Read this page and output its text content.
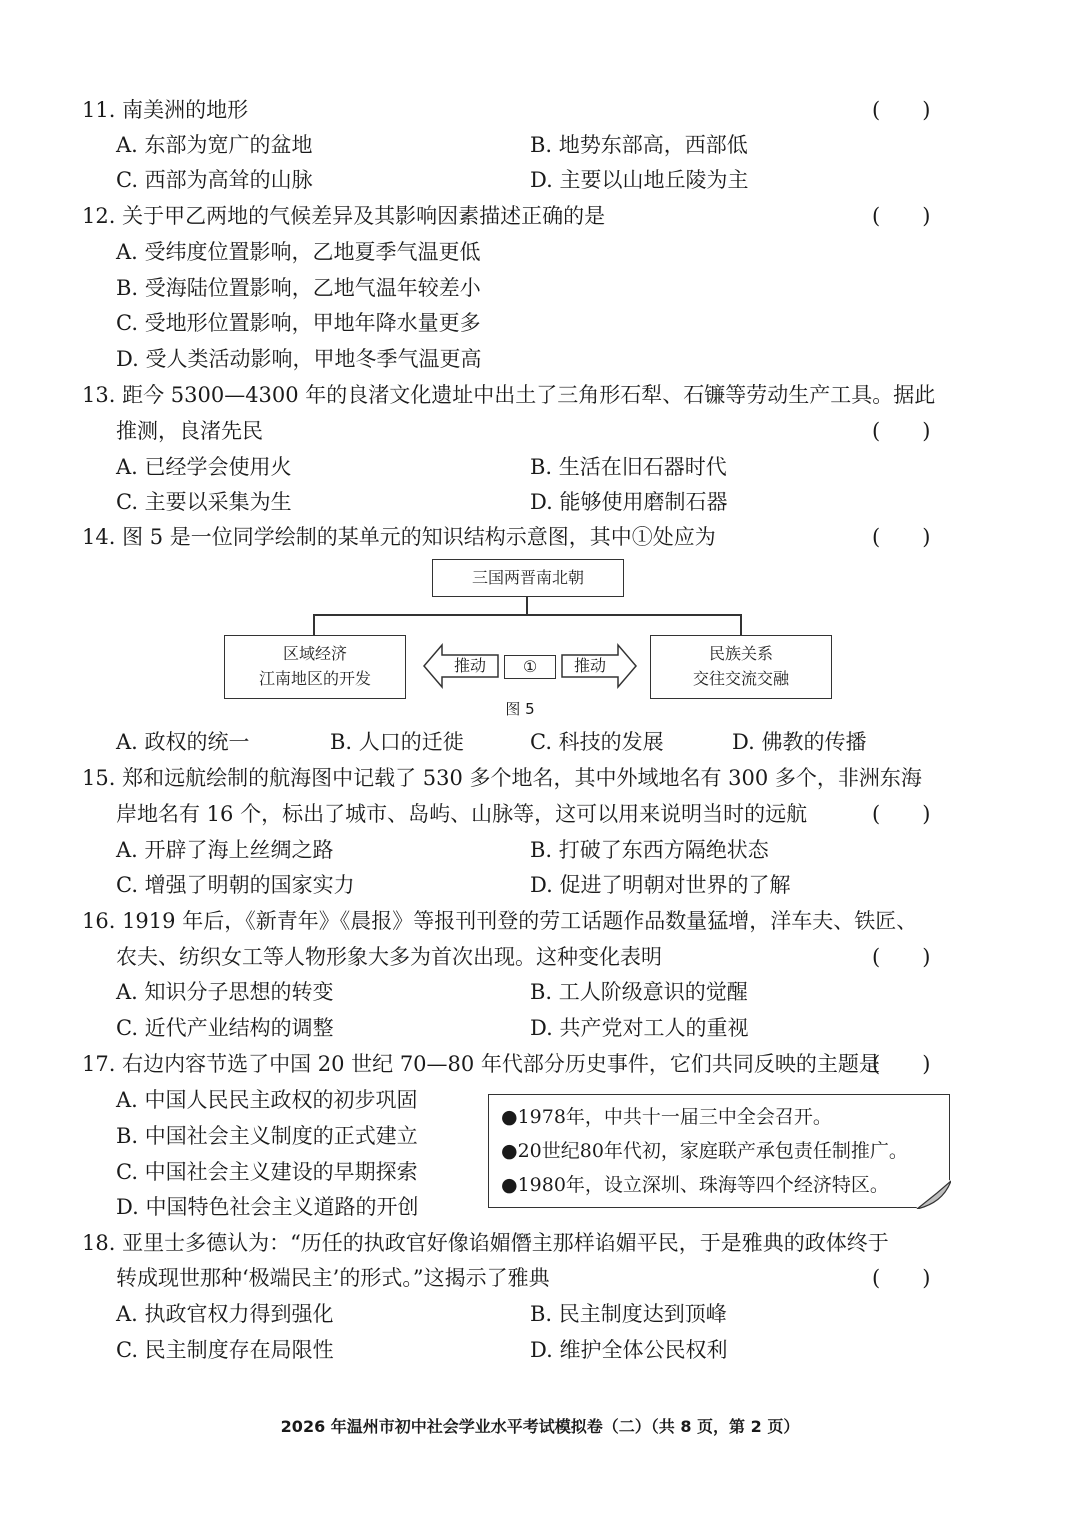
11. 南美洲的地形	(　　)
A. 东部为宽广的盆地	B. 地势东部高，西部低
C. 西部为高耸的山脉	D. 主要以山地丘陵为主
12. 关于甲乙两地的气候差异及其影响因素描述正确的是	(　　)
A. 受纬度位置影响，乙地夏季气温更低
B. 受海陆位置影响，乙地气温年较差小
C. 受地形位置影响，甲地年降水量更多
D. 受人类活动影响，甲地冬季气温更高
13. 距今 5300—4300 年的良渚文化遗址中出土了三角形石犁、石镰等劳动生产工具。据此
推测，良渚先民	(　　)
A. 已经学会使用火	B. 生活在旧石器时代
C. 主要以采集为生	D. 能够使用磨制石器
14. 图 5 是一位同学绘制的某单元的知识结构示意图，其中①处应为	(　　)
三国两晋南北朝
区域经济
江南地区的开发
民族关系
交往交流交融
推动	推动
①
图 5
A. 政权的统一	B. 人口的迁徙	C. 科技的发展	D. 佛教的传播
15. 郑和远航绘制的航海图中记载了 530 多个地名，其中外域地名有 300 多个，非洲东海
岸地名有 16 个，标出了城市、岛屿、山脉等，这可以用来说明当时的远航	(　　)
A. 开辟了海上丝绸之路	B. 打破了东西方隔绝状态
C. 增强了明朝的国家实力	D. 促进了明朝对世界的了解
16. 1919 年后，《新青年》《晨报》等报刊刊登的劳工话题作品数量猛增，洋车夫、铁匠、
农夫、纺织女工等人物形象大多为首次出现。这种变化表明	(　　)
A. 知识分子思想的转变	B. 工人阶级意识的觉醒
C. 近代产业结构的调整	D. 共产党对工人的重视
17. 右边内容节选了中国 20 世纪 70—80 年代部分历史事件，它们共同反映的主题是
(　　)
A. 中国人民民主政权的初步巩固
B. 中国社会主义制度的正式建立
C. 中国社会主义建设的早期探索
D. 中国特色社会主义道路的开创
●1978年，中共十一届三中全会召开。
●20世纪80年代初，家庭联产承包责任制推广。
●1980年，设立深圳、珠海等四个经济特区。
18. 亚里士多德认为：“历任的执政官好像谄媚僭主那样谄媚平民，于是雅典的政体终于
转成现世那种‘极端民主’的形式。”这揭示了雅典	(　　)
A. 执政官权力得到强化	B. 民主制度达到顶峰
C. 民主制度存在局限性	D. 维护全体公民权利
2026 年温州市初中社会学业水平考试模拟卷（二）（共 8 页，第 2 页）
